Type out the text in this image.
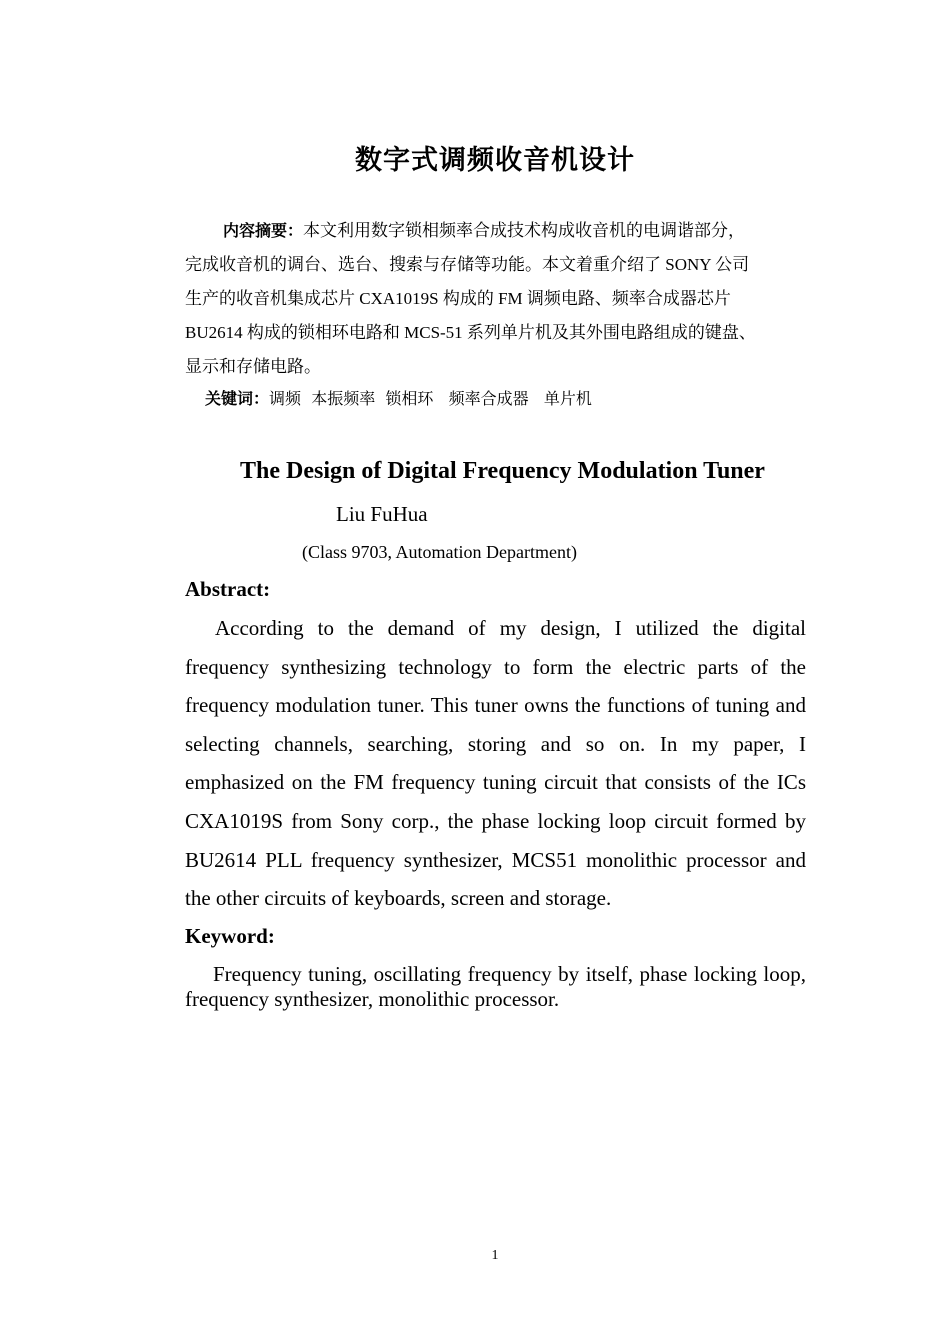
数字式调频收音机设计
内容摘要：本文利用数字锁相频率合成技术构成收音机的电调谐部分，
完成收音机的调台、选台、搜索与存储等功能。本文着重介绍了 SONY 公司
生产的收音机集成芯片 CXA1019S 构成的 FM 调频电路、频率合成器芯片
BU2614 构成的锁相环电路和 MCS-51 系列单片机及其外围电路组成的键盘、
显示和存储电路。
关键词：调频  本振频率  锁相环   频率合成器   单片机
The Design of Digital Frequency Modulation Tuner
Liu FuHua
(Class 9703, Automation Department)
Abstract:
According to the demand of my design, I utilized the digital frequency synthesizing technology to form the electric parts of the frequency modulation tuner. This tuner owns the functions of tuning and selecting channels, searching, storing and so on. In my paper, I emphasized on the FM frequency tuning circuit that consists of the ICs CXA1019S from Sony corp., the phase locking loop circuit formed by BU2614 PLL frequency synthesizer, MCS51 monolithic processor and the other circuits of keyboards, screen and storage.
Keyword:
Frequency tuning, oscillating frequency by itself, phase locking loop, frequency synthesizer, monolithic processor.
1
